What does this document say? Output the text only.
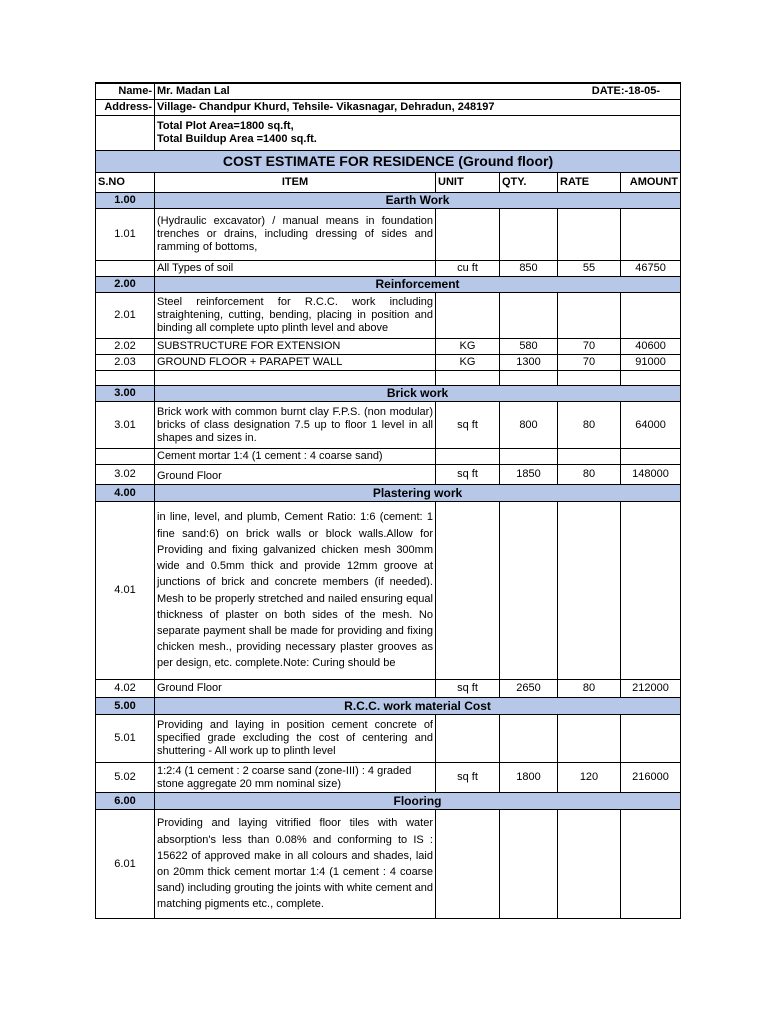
Name-	Mr. Madan Lal DATE:-18-05-				

Address-	Village- Chandpur Khurd, Tehsile- Vikasnagar, Dehradun, 248197				

	Total Plot Area=1800 sq.ft,
Total Buildup Area =1400 sq.ft.				

COST ESTIMATE FOR RESIDENCE (Ground floor)					
S.NO	ITEM	UNIT	QTY.	RATE	AMOUNT
1.00	Earth Work				
1.01	(Hydraulic excavator) / manual means in foundation trenches or drains, including dressing of sides and ramming of bottoms,				
	All Types of soil	cu ft	850	55	46750
2.00	Reinforcement				
2.01	Steel reinforcement for R.C.C. work including straightening, cutting, bending, placing in position and binding all complete upto plinth level and above				
2.02	SUBSTRUCTURE FOR EXTENSION	KG	580	70	40600
2.03	GROUND FLOOR + PARAPET WALL	KG	1300	70	91000

3.00	Brick work				
3.01	Brick work with common burnt clay F.P.S. (non modular) bricks of class designation 7.5 up to floor 1 level in all shapes and sizes in.	sq ft	800	80	64000
	Cement mortar 1:4 (1 cement : 4 coarse sand)				
3.02	Ground Floor	sq ft	1850	80	148000
4.00	Plastering work				
4.01	in line, level, and plumb, Cement Ratio: 1:6 (cement: 1 fine sand:6) on brick walls or block walls.Allow for Providing and fixing galvanized chicken mesh 300mm wide and 0.5mm thick and provide 12mm groove at junctions of brick and concrete members (if needed). Mesh to be properly stretched and nailed ensuring equal thickness of plaster on both sides of the mesh. No separate payment shall be made for providing and fixing chicken mesh., providing necessary plaster grooves as per design, etc. complete.Note: Curing should be				
4.02	Ground Floor	sq ft	2650	80	212000
5.00	R.C.C. work material Cost				
5.01	Providing and laying in position cement concrete of specified grade excluding the cost of centering and shuttering - All work up to plinth level				
5.02	1:2:4 (1 cement : 2 coarse sand (zone-III) : 4 graded stone aggregate 20 mm nominal size)	sq ft	1800	120	216000
6.00	Flooring				
6.01	Providing and laying vitrified floor tiles with water absorption's less than 0.08% and conforming to IS : 15622 of approved make in all colours and shades, laid on 20mm thick cement mortar 1:4 (1 cement : 4 coarse sand) including grouting the joints with white cement and matching pigments etc., complete.				
